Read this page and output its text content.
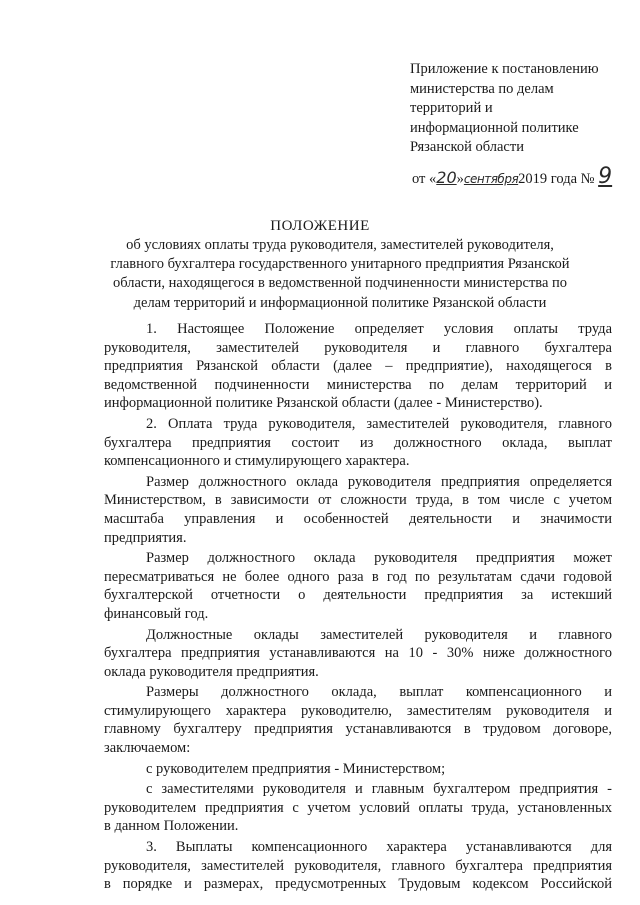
Приложение к постановлению
министерства по делам
территорий и
информационной политике
Рязанской области
от «20»сентября2019 года № 9
ПОЛОЖЕНИЕ
об условиях оплаты труда руководителя, заместителей руководителя,
главного бухгалтера государственного унитарного предприятия Рязанской
области, находящегося в ведомственной подчиненности министерства по
делам территорий и информационной политике Рязанской области
1. Настоящее Положение определяет условия оплаты труда
руководителя, заместителей руководителя и главного бухгалтера
предприятия Рязанской области (далее – предприятие), находящегося в
ведомственной подчиненности министерства по делам территорий и
информационной политике Рязанской области (далее - Министерство).
2. Оплата труда руководителя, заместителей руководителя, главного
бухгалтера предприятия состоит из должностного оклада, выплат
компенсационного и стимулирующего характера.
Размер должностного оклада руководителя предприятия определяется
Министерством, в зависимости от сложности труда, в том числе с учетом
масштаба управления и особенностей деятельности и значимости
предприятия.
Размер должностного оклада руководителя предприятия может
пересматриваться не более одного раза в год по результатам сдачи годовой
бухгалтерской отчетности о деятельности предприятия за истекший
финансовый год.
Должностные оклады заместителей руководителя и главного
бухгалтера предприятия устанавливаются на 10 - 30% ниже должностного
оклада руководителя предприятия.
Размеры должностного оклада, выплат компенсационного и
стимулирующего характера руководителю, заместителям руководителя и
главному бухгалтеру предприятия устанавливаются в трудовом договоре,
заключаемом:
с руководителем предприятия - Министерством;
с заместителями руководителя и главным бухгалтером предприятия -
руководителем предприятия с учетом условий оплаты труда, установленных
в данном Положении.
3. Выплаты компенсационного характера устанавливаются для
руководителя, заместителей руководителя, главного бухгалтера предприятия
в порядке и размерах, предусмотренных Трудовым кодексом Российской
